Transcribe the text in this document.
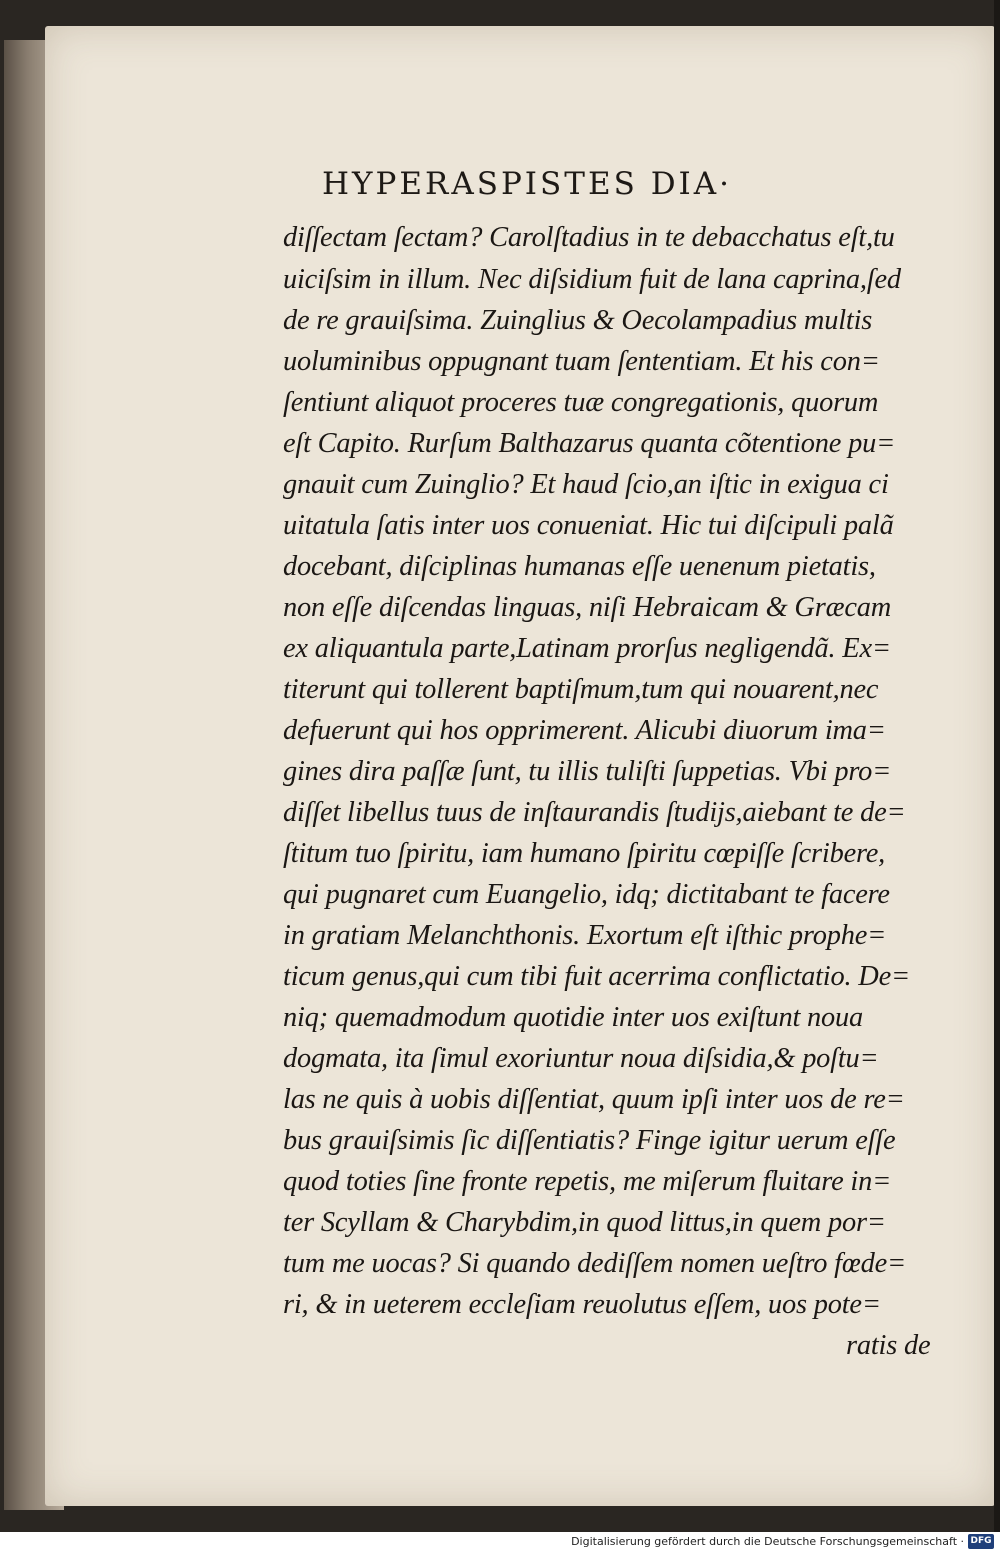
HYPERASPISTES DIA·
diſſectam ſectam? Carolſtadius in te debacchatus eſt,tu
uiciſsim in illum. Nec diſsidium fuit de lana caprina,ſed
de re grauiſsima. Zuinglius & Oecolampadius multis
uoluminibus oppugnant tuam ſententiam. Et his con=
ſentiunt aliquot proceres tuæ congregationis, quorum
eſt Capito. Rurſum Balthazarus quanta cõtentione pu=
gnauit cum Zuinglio? Et haud ſcio,an iſtic in exigua ci
uitatula ſatis inter uos conueniat. Hic tui diſcipuli palã
docebant, diſciplinas humanas eſſe uenenum pietatis,
non eſſe diſcendas linguas, niſi Hebraicam & Græcam
ex aliquantula parte,Latinam prorſus negligendã. Ex=
titerunt qui tollerent baptiſmum,tum qui nouarent,nec
defuerunt qui hos opprimerent. Alicubi diuorum ima=
gines dira paſſæ ſunt, tu illis tuliſti ſuppetias. Vbi pro=
diſſet libellus tuus de inſtaurandis ſtudijs,aiebant te de=
ſtitum tuo ſpiritu, iam humano ſpiritu cœpiſſe ſcribere,
qui pugnaret cum Euangelio, idq; dictitabant te facere
in gratiam Melanchthonis. Exortum eſt iſthic prophe=
ticum genus,qui cum tibi fuit acerrima conflictatio. De=
niq; quemadmodum quotidie inter uos exiſtunt noua
dogmata, ita ſimul exoriuntur noua diſsidia,& poſtu=
las ne quis à uobis diſſentiat, quum ipſi inter uos de re=
bus grauiſsimis ſic diſſentiatis? Finge igitur uerum eſſe
quod toties ſine fronte repetis, me miſerum fluitare in=
ter Scyllam & Charybdim,in quod littus,in quem por=
tum me uocas? Si quando dediſſem nomen ueſtro fœde=
ri, & in ueterem eccleſiam reuolutus eſſem, uos pote=
ratis de
Digitalisierung gefördert durch die Deutsche Forschungsgemeinschaft · DFG
